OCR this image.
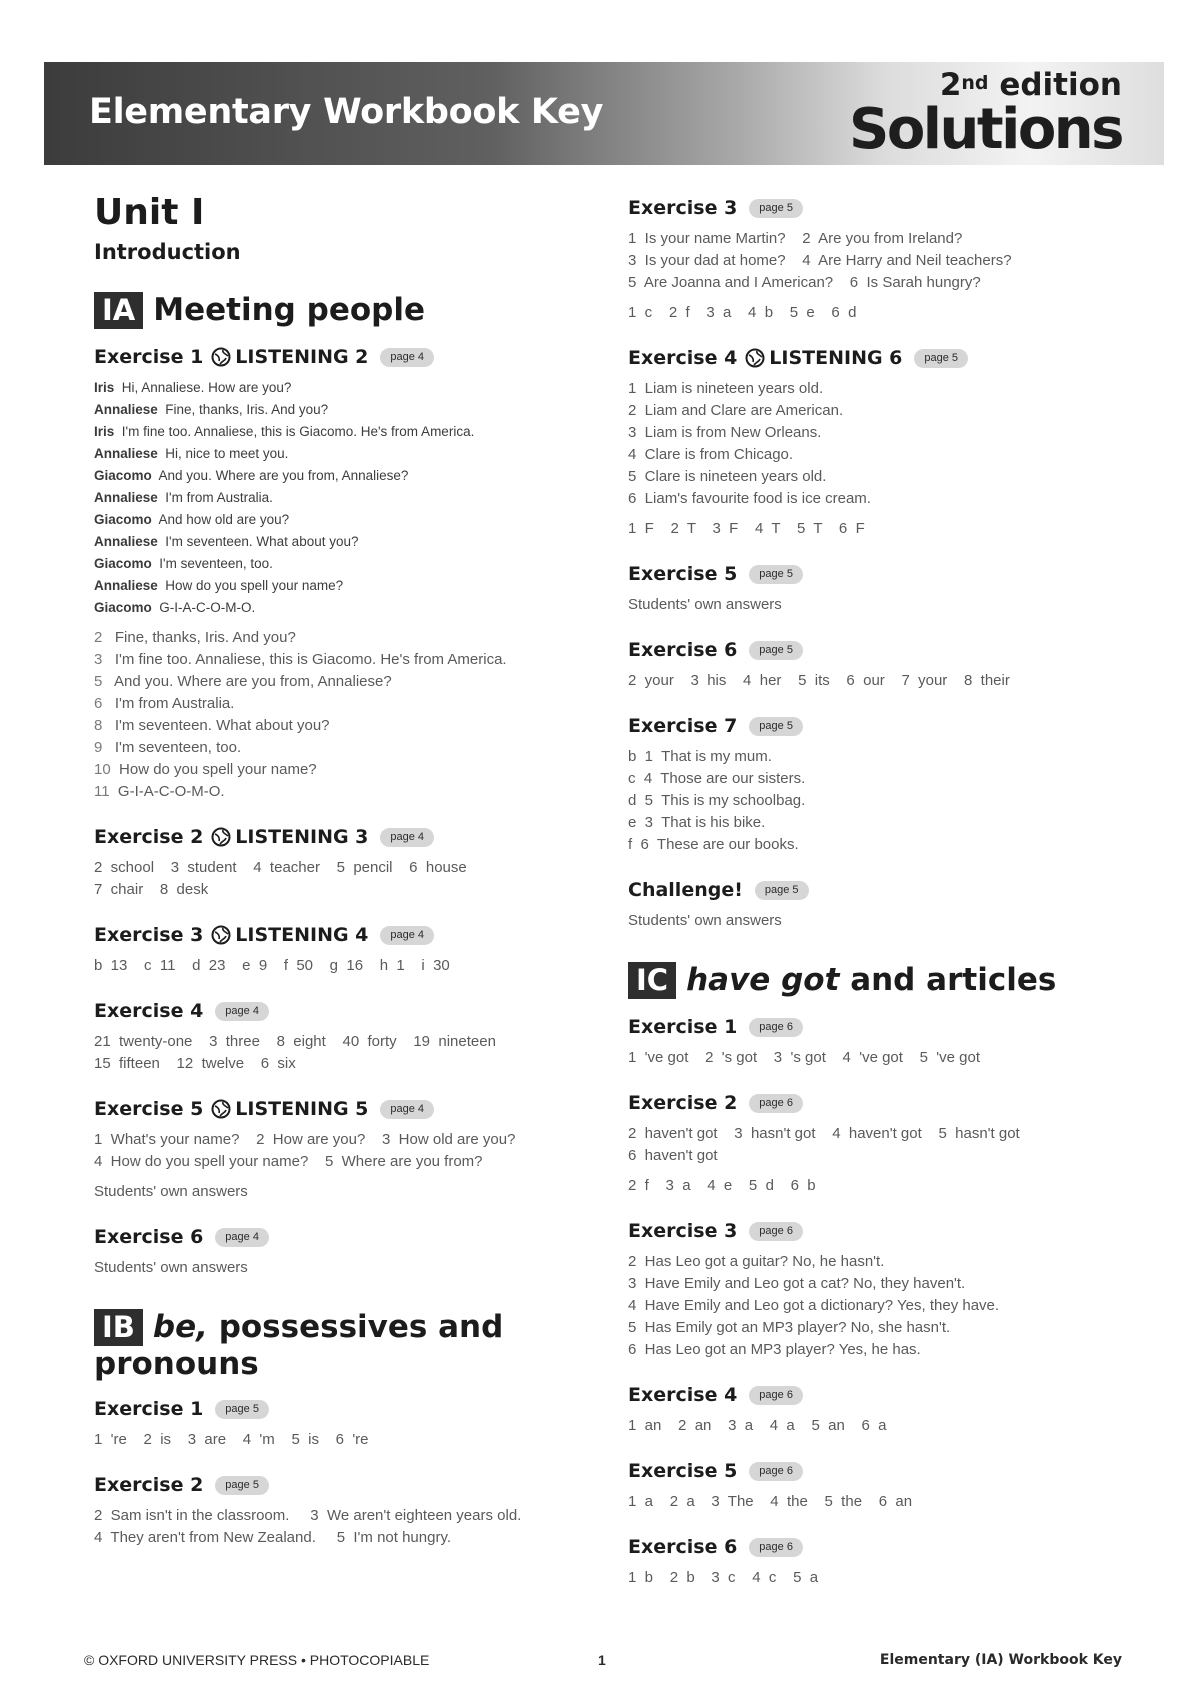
Elementary Workbook Key
2nd edition
Solutions
Unit I
Introduction
IA Meeting people
Exercise 1 LISTENING 2	page 4
Iris Hi, Annaliese. How are you?
Annaliese Fine, thanks, Iris. And you?
Iris I'm fine too. Annaliese, this is Giacomo. He's from America.
Annaliese Hi, nice to meet you.
Giacomo And you. Where are you from, Annaliese?
Annaliese I'm from Australia.
Giacomo And how old are you?
Annaliese I'm seventeen. What about you?
Giacomo I'm seventeen, too.
Annaliese How do you spell your name?
Giacomo G-I-A-C-O-M-O.
2 Fine, thanks, Iris. And you?
3 I'm fine too. Annaliese, this is Giacomo. He's from America.
5 And you. Where are you from, Annaliese?
6 I'm from Australia.
8 I'm seventeen. What about you?
9 I'm seventeen, too.
10 How do you spell your name?
11 G-I-A-C-O-M-O.
Exercise 2 LISTENING 3	page 4
2  school    3  student    4  teacher    5  pencil    6  house
7  chair    8  desk
Exercise 3 LISTENING 4	page 4
b  13    c  11    d  23    e  9    f  50    g  16    h  1    i  30
Exercise 4	page 4
21  twenty-one    3  three    8  eight    40  forty    19  nineteen
15  fifteen    12  twelve    6  six
Exercise 5 LISTENING 5	page 4
1  What's your name?    2  How are you?    3  How old are you?
4  How do you spell your name?    5  Where are you from?
Students' own answers
Exercise 6	page 4
Students' own answers
IB be, possessives and
pronouns
Exercise 1	page 5
1  're    2  is    3  are    4  'm    5  is    6  're
Exercise 2	page 5
2  Sam isn't in the classroom.     3  We aren't eighteen years old.
4  They aren't from New Zealand.     5  I'm not hungry.
Exercise 3	page 5
1  Is your name Martin?    2  Are you from Ireland?
3  Is your dad at home?    4  Are Harry and Neil teachers?
5  Are Joanna and I American?    6  Is Sarah hungry?
1  c    2  f    3  a    4  b    5  e    6  d
Exercise 4 LISTENING 6	page 5
1  Liam is nineteen years old.
2  Liam and Clare are American.
3  Liam is from New Orleans.
4  Clare is from Chicago.
5  Clare is nineteen years old.
6  Liam's favourite food is ice cream.
1  F    2  T    3  F    4  T    5  T    6  F
Exercise 5	page 5
Students' own answers
Exercise 6	page 5
2  your    3  his    4  her    5  its    6  our    7  your    8  their
Exercise 7	page 5
b  1  That is my mum.
c  4  Those are our sisters.
d  5  This is my schoolbag.
e  3  That is his bike.
f  6  These are our books.
Challenge!	page 5
Students' own answers
IC have got and articles
Exercise 1	page 6
1  've got    2  's got    3  's got    4  've got    5  've got
Exercise 2	page 6
2  haven't got    3  hasn't got    4  haven't got    5  hasn't got
6  haven't got
2  f    3  a    4  e    5  d    6  b
Exercise 3	page 6
2  Has Leo got a guitar? No, he hasn't.
3  Have Emily and Leo got a cat? No, they haven't.
4  Have Emily and Leo got a dictionary? Yes, they have.
5  Has Emily got an MP3 player? No, she hasn't.
6  Has Leo got an MP3 player? Yes, he has.
Exercise 4	page 6
1  an    2  an    3  a    4  a    5  an    6  a
Exercise 5	page 6
1  a    2  a    3  The    4  the    5  the    6  an
Exercise 6	page 6
1  b    2  b    3  c    4  c    5  a
© OXFORD UNIVERSITY PRESS • PHOTOCOPIABLE	1	Elementary (IA) Workbook Key
